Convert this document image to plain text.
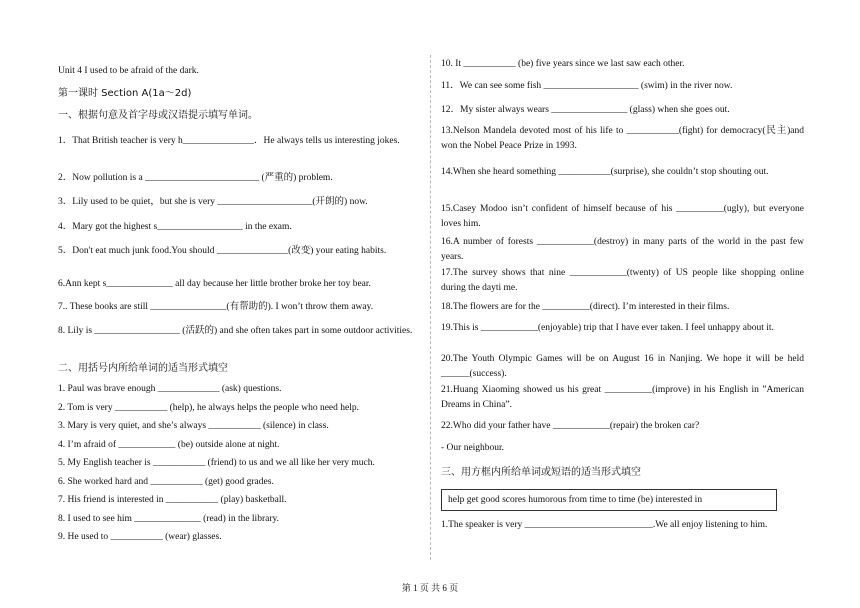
Unit 4 I used to be afraid of the dark.
第一课时 Section A(1a～2d)
一、根据句意及首字母或汉语提示填写单词。
1．That British teacher is very h_______________．He always tells us interesting jokes.
2．Now pollution is a ________________________ (严重的) problem.
3．Lily used to be quiet，but she is very ____________________(开朗的) now.
4．Mary got the highest s__________________ in the exam.
5．Don't eat much junk food.You should _______________(改变) your eating habits.
6.Ann kept s______________ all day because her little brother broke her toy bear.
7.. These books are still ________________(有帮助的). I won’t throw them away.
8. Lily is __________________ (活跃的) and she often takes part in some outdoor activities.
二、用括号内所给单词的适当形式填空
1. Paul was brave enough _____________ (ask) questions.
2. Tom is very ___________ (help), he always helps the people who need help.
3. Mary is very quiet, and she’s always ___________ (silence) in class.
4. I’m afraid of ____________ (be) outside alone at night.
5. My English teacher is ___________ (friend) to us and we all like her very much.
6. She worked hard and ___________ (get) good grades.
7. His friend is interested in ___________ (play) basketball.
8. I used to see him ______________ (read) in the library.
9. He used to ___________ (wear) glasses.
10. It ___________ (be) five years since we last saw each other.
11．We can see some fish ____________________ (swim) in the river now.
12．My sister always wears ________________ (glass) when she goes out.
13.Nelson Mandela devoted most of his life to ___________(fight) for democracy(民主)and won the Nobel Peace Prize in 1993.
14.When she heard something ___________(surprise), she couldn’t stop shouting out.
15.Casey Modoo isn’t confident of himself because of his __________(ugly), but everyone loves him.
16.A number of forests ____________(destroy) in many parts of the world in the past few years.
17.The survey shows that nine ____________(twenty) of US people like shopping online during the dayti me.
18.The flowers are for the __________(direct). I’m interested in their films.
19.This is ____________(enjoyable) trip that I have ever taken. I feel unhappy about it.
20.The Youth Olympic Games will be on August 16 in Nanjing. We hope it will be held ______(success).
21.Huang Xiaoming showed us his great __________(improve) in his English in ”American Dreams in China”.
22.Who did your father have ____________(repair) the broken car?
- Our neighbour.
三、用方框内所给单词或短语的适当形式填空
help get good scores humorous from time to time (be) interested in
1.The speaker is very ___________________________.We all enjoy listening to him.
第 1 页 共 6 页
